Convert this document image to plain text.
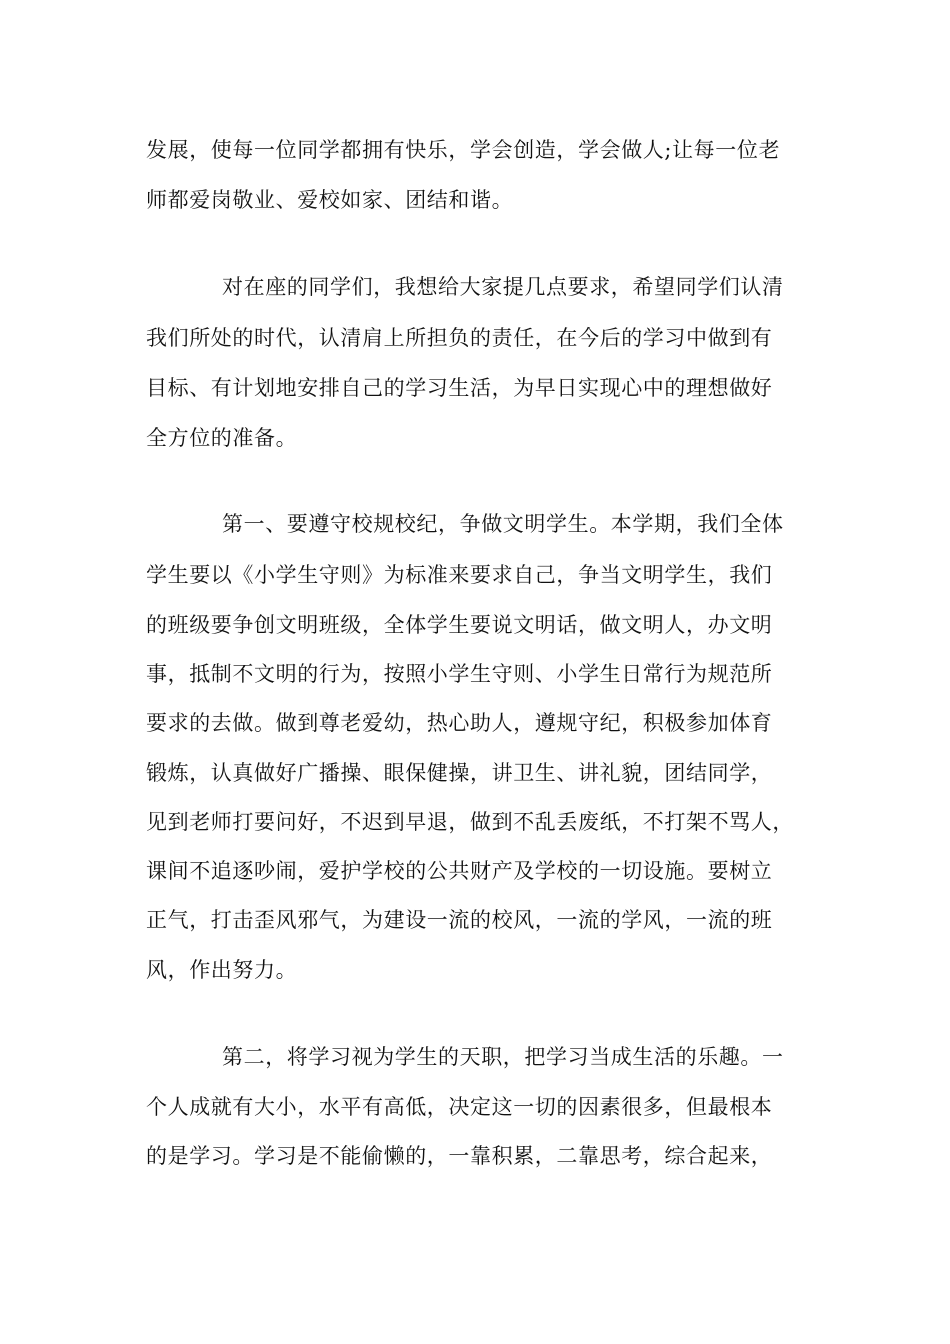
发展，使每一位同学都拥有快乐，学会创造，学会做人;让每一位老
师都爱岗敬业、爱校如家、团结和谐。
对在座的同学们，我想给大家提几点要求，希望同学们认清
我们所处的时代，认清肩上所担负的责任，在今后的学习中做到有
目标、有计划地安排自己的学习生活，为早日实现心中的理想做好
全方位的准备。
第一、要遵守校规校纪，争做文明学生。本学期，我们全体
学生要以《小学生守则》为标准来要求自己，争当文明学生，我们
的班级要争创文明班级，全体学生要说文明话，做文明人，办文明
事，抵制不文明的行为，按照小学生守则、小学生日常行为规范所
要求的去做。做到尊老爱幼，热心助人，遵规守纪，积极参加体育
锻炼，认真做好广播操、眼保健操，讲卫生、讲礼貌，团结同学，
见到老师打要问好，不迟到早退，做到不乱丢废纸，不打架不骂人，
课间不追逐吵闹，爱护学校的公共财产及学校的一切设施。要树立
正气，打击歪风邪气，为建设一流的校风，一流的学风，一流的班
风，作出努力。
第二，将学习视为学生的天职，把学习当成生活的乐趣。一
个人成就有大小，水平有高低，决定这一切的因素很多，但最根本
的是学习。学习是不能偷懒的，一靠积累，二靠思考，综合起来，
